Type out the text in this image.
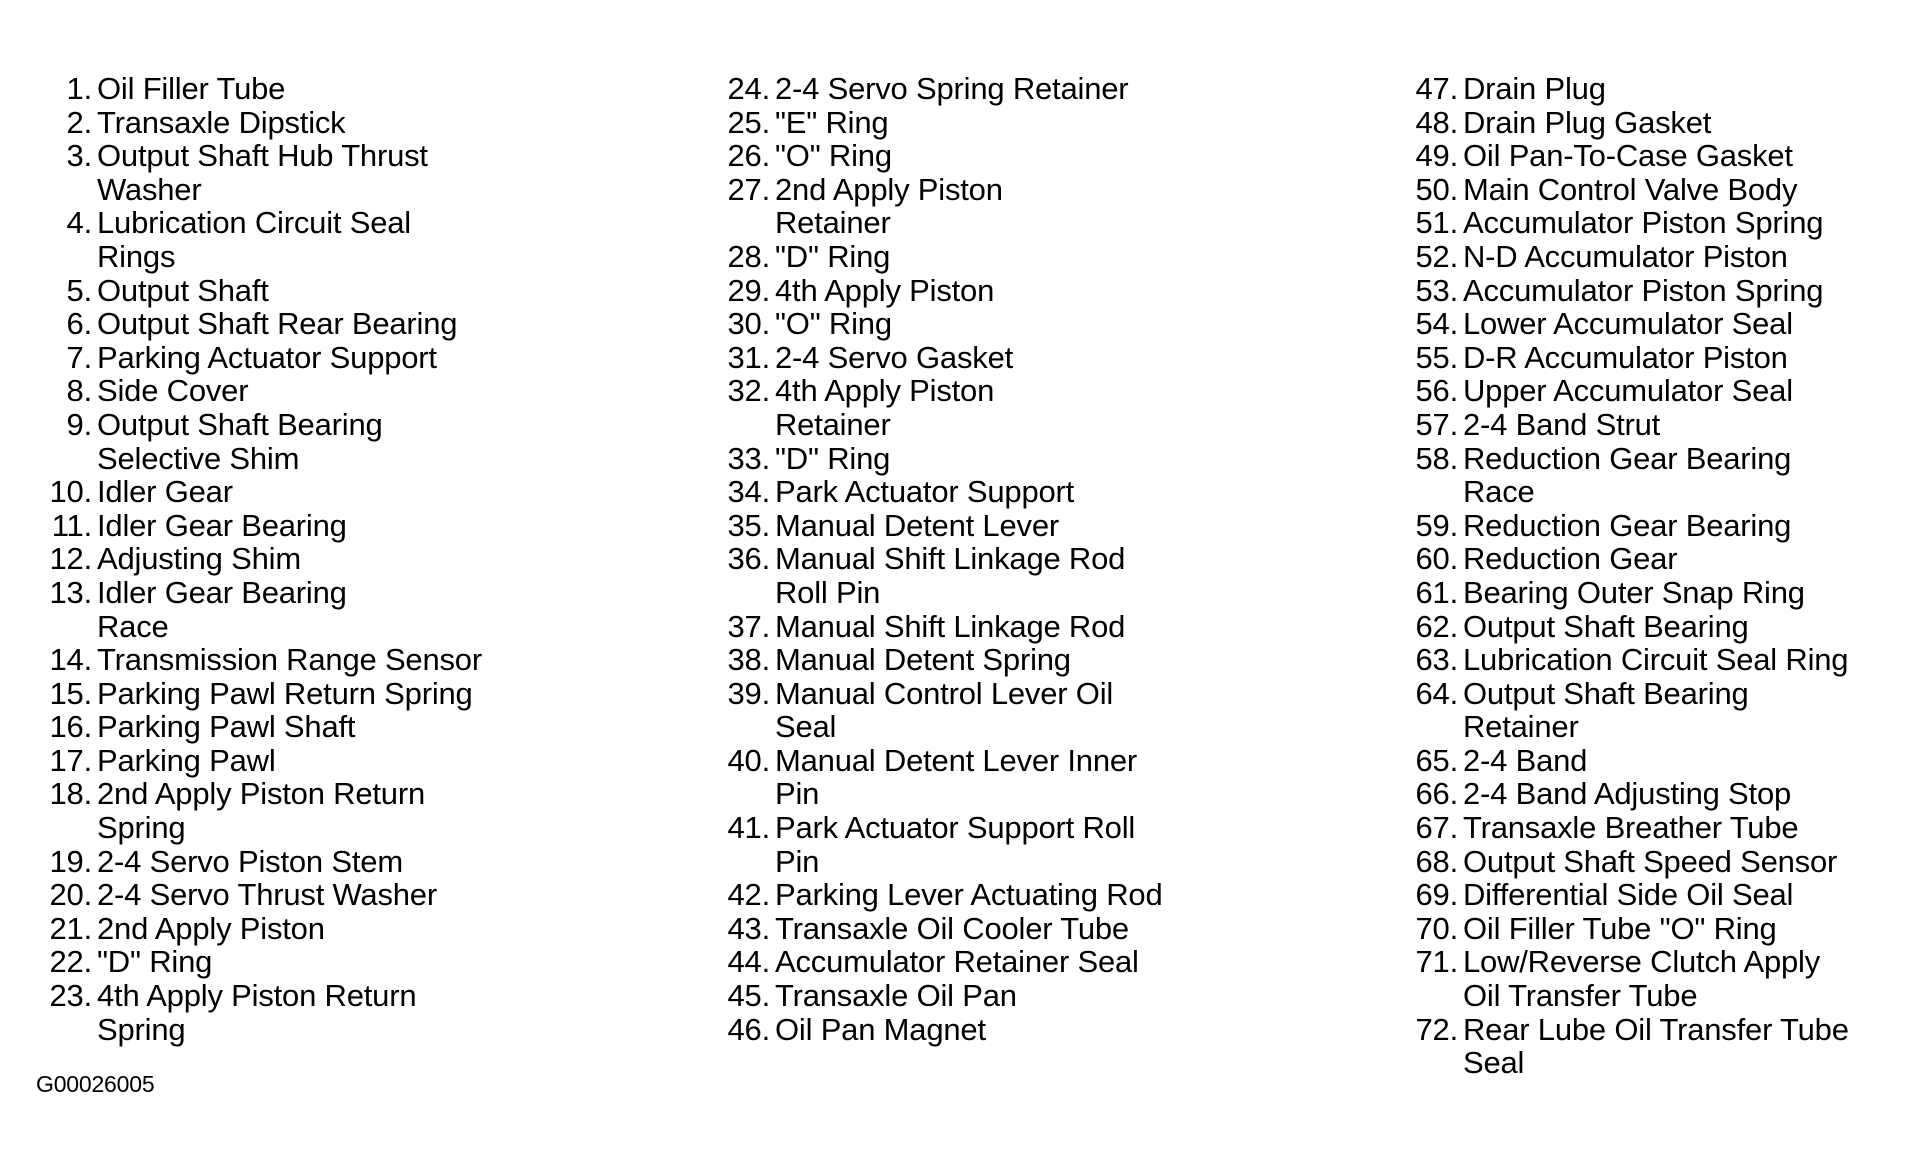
1. Oil Filler Tube
2. Transaxle Dipstick
3. Output Shaft Hub Thrust
Washer
4. Lubrication Circuit Seal
Rings
5. Output Shaft
6. Output Shaft Rear Bearing
7. Parking Actuator Support
8. Side Cover
9. Output Shaft Bearing
Selective Shim
10. Idler Gear
11. Idler Gear Bearing
12. Adjusting Shim
13. Idler Gear Bearing
Race
14. Transmission Range Sensor
15. Parking Pawl Return Spring
16. Parking Pawl Shaft
17. Parking Pawl
18. 2nd Apply Piston Return
Spring
19. 2-4 Servo Piston Stem
20. 2-4 Servo Thrust Washer
21. 2nd Apply Piston
22. "D" Ring
23. 4th Apply Piston Return
Spring
24. 2-4 Servo Spring Retainer
25. "E" Ring
26. "O" Ring
27. 2nd Apply Piston
Retainer
28. "D" Ring
29. 4th Apply Piston
30. "O" Ring
31. 2-4 Servo Gasket
32. 4th Apply Piston
Retainer
33. "D" Ring
34. Park Actuator Support
35. Manual Detent Lever
36. Manual Shift Linkage Rod
Roll Pin
37. Manual Shift Linkage Rod
38. Manual Detent Spring
39. Manual Control Lever Oil
Seal
40. Manual Detent Lever Inner
Pin
41. Park Actuator Support Roll
Pin
42. Parking Lever Actuating Rod
43. Transaxle Oil Cooler Tube
44. Accumulator Retainer Seal
45. Transaxle Oil Pan
46. Oil Pan Magnet
47. Drain Plug
48. Drain Plug Gasket
49. Oil Pan-To-Case Gasket
50. Main Control Valve Body
51. Accumulator Piston Spring
52. N-D Accumulator Piston
53. Accumulator Piston Spring
54. Lower Accumulator Seal
55. D-R Accumulator Piston
56. Upper Accumulator Seal
57. 2-4 Band Strut
58. Reduction Gear Bearing
Race
59. Reduction Gear Bearing
60. Reduction Gear
61. Bearing Outer Snap Ring
62. Output Shaft Bearing
63. Lubrication Circuit Seal Ring
64. Output Shaft Bearing
Retainer
65. 2-4 Band
66. 2-4 Band Adjusting Stop
67. Transaxle Breather Tube
68. Output Shaft Speed Sensor
69. Differential Side Oil Seal
70. Oil Filler Tube "O" Ring
71. Low/Reverse Clutch Apply
Oil Transfer Tube
72. Rear Lube Oil Transfer Tube
Seal
G00026005
